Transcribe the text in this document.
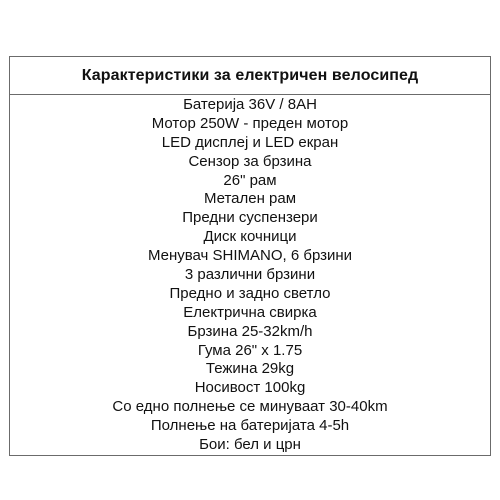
Карактеристики за електричен велосипед
Батерија 36V / 8AH
Мотор 250W - преден мотор
LED дисплеј и LED екран
Сензор за брзина
26" рам
Метален рам
Предни суспензери
Диск кочници
Менувач SHIMANO, 6 брзини
3 различни брзини
Предно и задно светло
Електрична свирка
Брзина 25-32km/h
Гума 26" x 1.75
Тежина 29kg
Носивост 100kg
Со едно полнење се минуваат 30-40km
Полнење на батеријата 4-5h
Бои: бел и црн
